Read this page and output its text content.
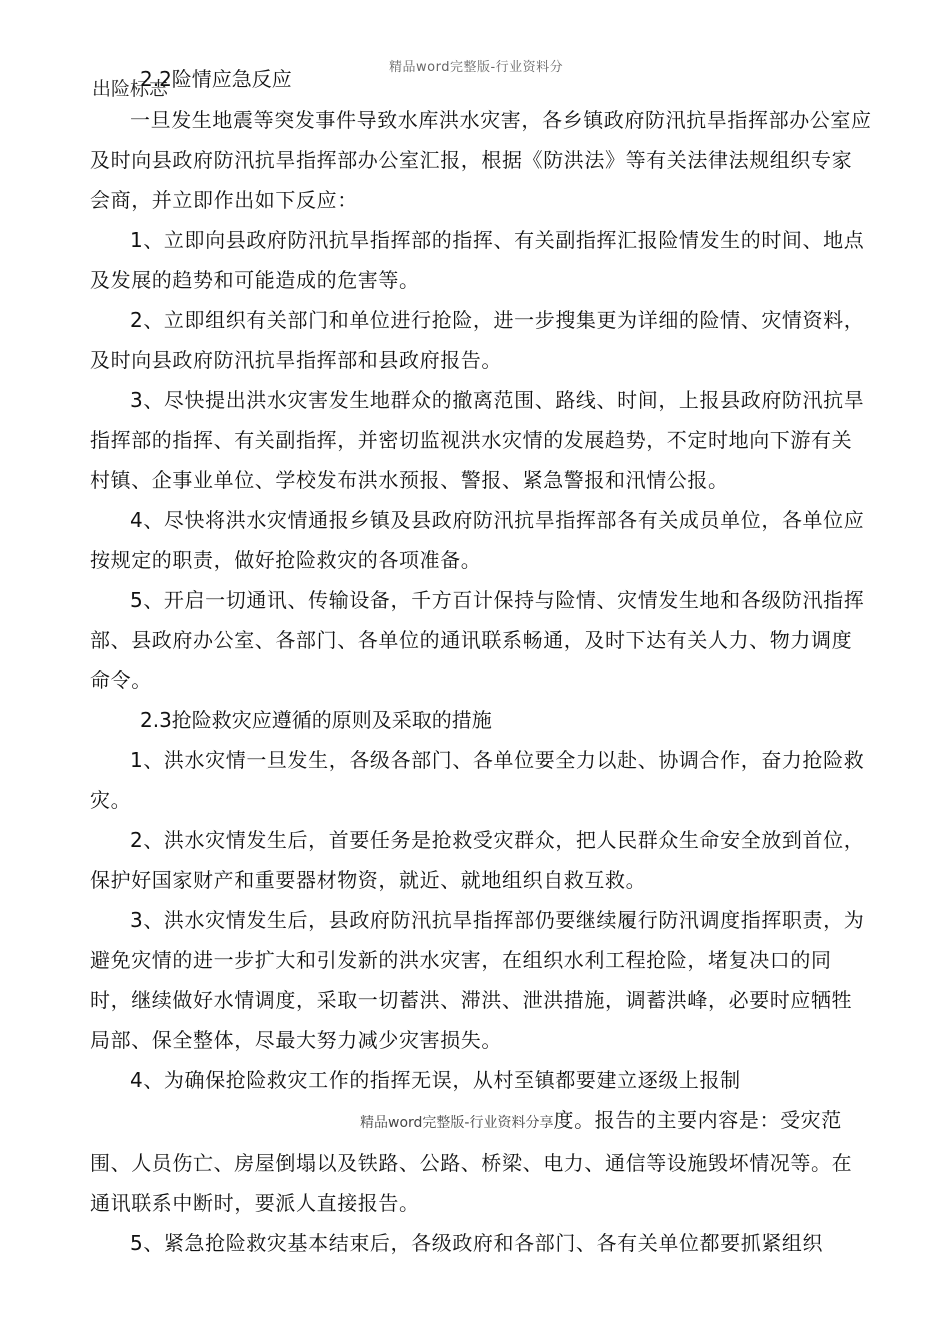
精品word完整版-行业资料分
出险标志
2.2险情应急反应

一旦发生地震等突发事件导致水库洪水灾害，各乡镇政府防汛抗旱指挥部办公室应及时向县政府防汛抗旱指挥部办公室汇报，根据《防洪法》等有关法律法规组织专家会商，并立即作出如下反应：

1、立即向县政府防汛抗旱指挥部的指挥、有关副指挥汇报险情发生的时间、地点及发展的趋势和可能造成的危害等。

2、立即组织有关部门和单位进行抢险，进一步搜集更为详细的险情、灾情资料，及时向县政府防汛抗旱指挥部和县政府报告。

3、尽快提出洪水灾害发生地群众的撤离范围、路线、时间，上报县政府防汛抗旱指挥部的指挥、有关副指挥，并密切监视洪水灾情的发展趋势，不定时地向下游有关村镇、企事业单位、学校发布洪水预报、警报、紧急警报和汛情公报。

4、尽快将洪水灾情通报乡镇及县政府防汛抗旱指挥部各有关成员单位，各单位应按规定的职责，做好抢险救灾的各项准备。

5、开启一切通讯、传输设备，千方百计保持与险情、灾情发生地和各级防汛指挥部、县政府办公室、各部门、各单位的通讯联系畅通，及时下达有关人力、物力调度命令。

2.3抢险救灾应遵循的原则及采取的措施

1、洪水灾情一旦发生，各级各部门、各单位要全力以赴、协调合作，奋力抢险救灾。

2、洪水灾情发生后，首要任务是抢救受灾群众，把人民群众生命安全放到首位，保护好国家财产和重要器材物资，就近、就地组织自救互救。

3、洪水灾情发生后，县政府防汛抗旱指挥部仍要继续履行防汛调度指挥职责，为避免灾情的进一步扩大和引发新的洪水灾害，在组织水利工程抢险，堵复决口的同时，继续做好水情调度，采取一切蓄洪、滞洪、泄洪措施，调蓄洪峰，必要时应牺牲局部、保全整体，尽最大努力减少灾害损失。

4、为确保抢险救灾工作的指挥无误，从村至镇都要建立逐级上报制
精品word完整版-行业资料分享度。报告的主要内容是：受灾范围、人员伤亡、房屋倒塌以及铁路、公路、桥梁、电力、通信等设施毁坏情况等。在通讯联系中断时，要派人直接报告。

5、紧急抢险救灾基本结束后，各级政府和各部门、各有关单位都要抓紧组织
